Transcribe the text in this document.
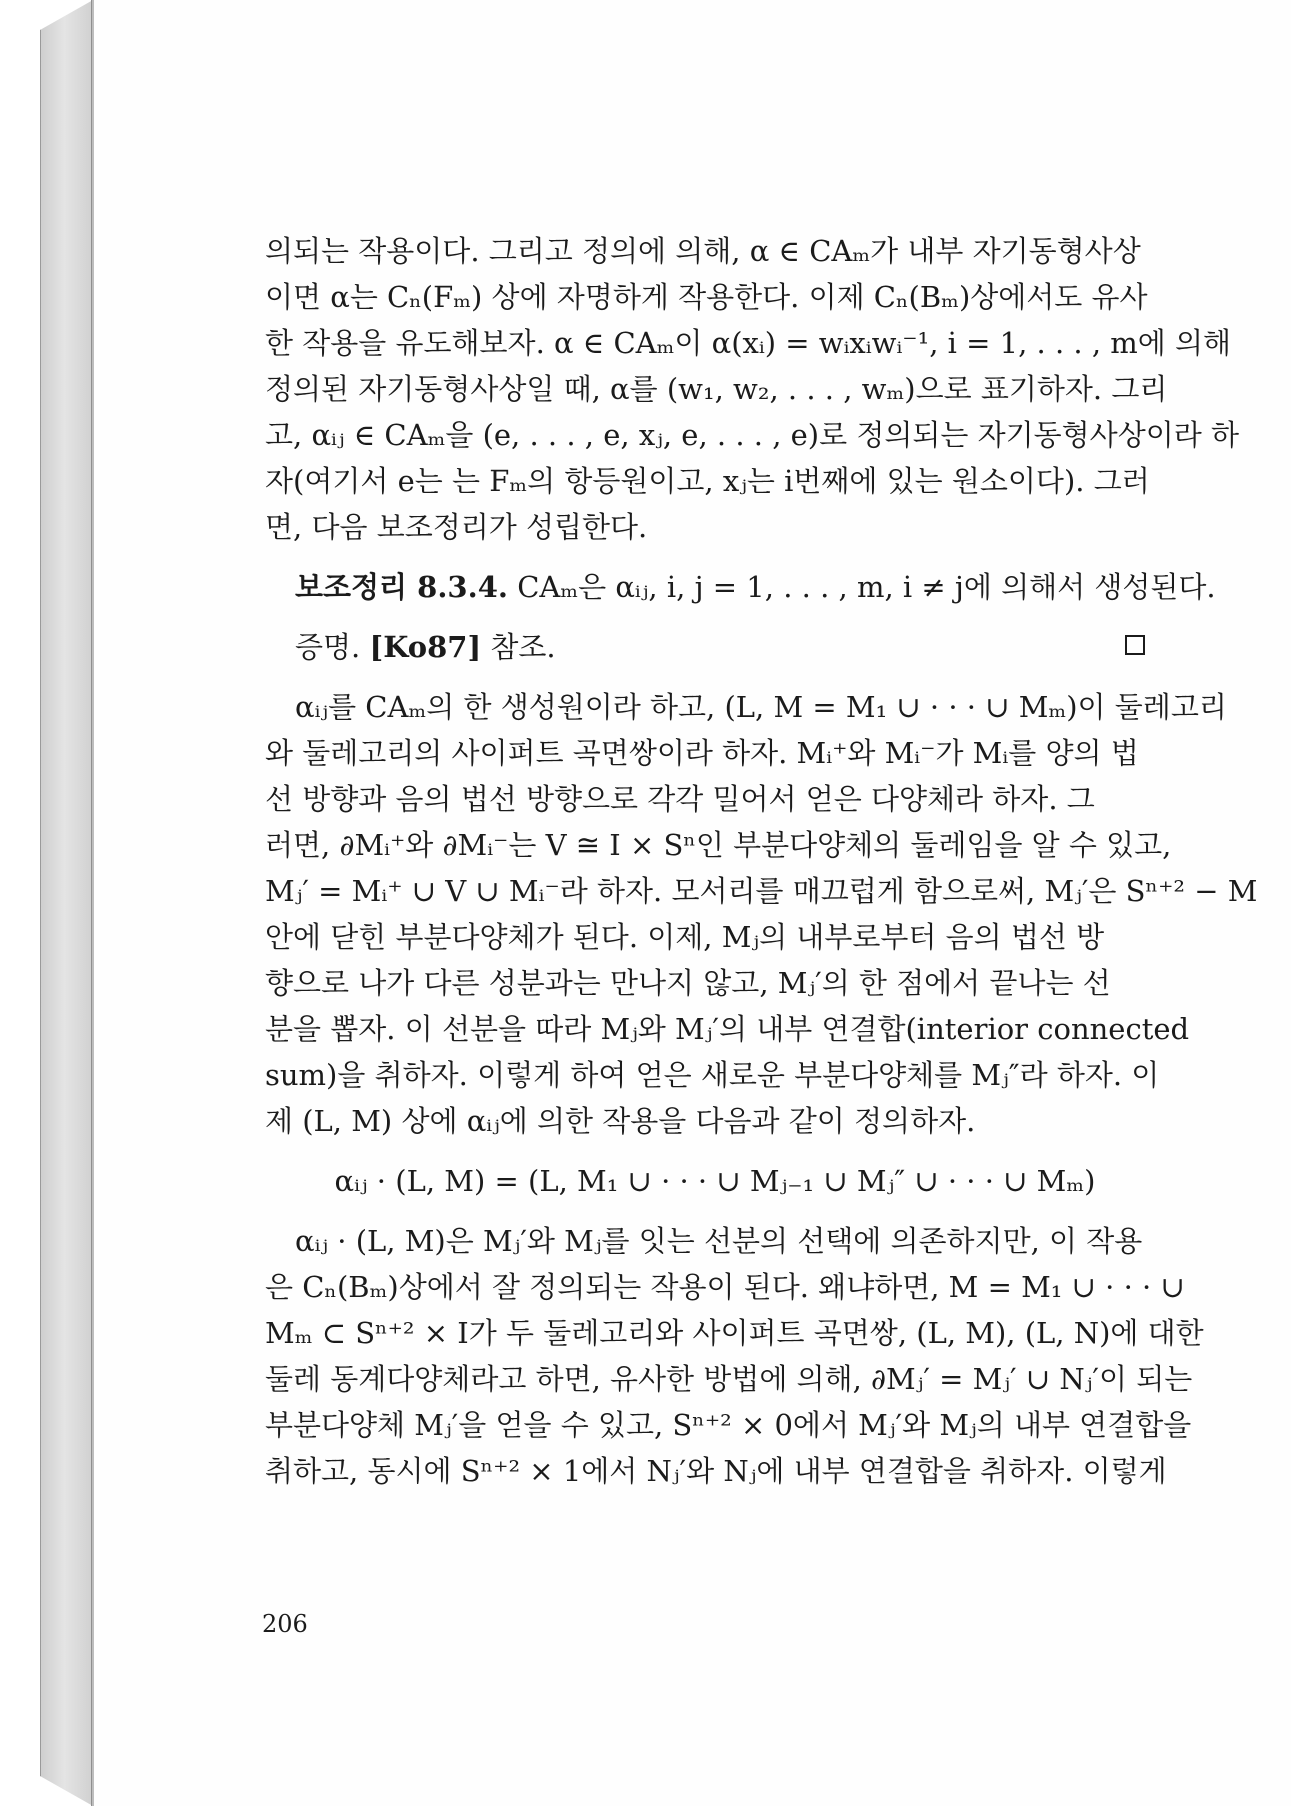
의되는 작용이다. 그리고 정의에 의해, α ∈ CAₘ가 내부 자기동형사상
이면 α는 Cₙ(Fₘ) 상에 자명하게 작용한다. 이제 Cₙ(Bₘ)상에서도 유사
한 작용을 유도해보자. α ∈ CAₘ이 α(xᵢ) = wᵢxᵢwᵢ⁻¹, i = 1, . . . , m에 의해
정의된 자기동형사상일 때, α를 (w₁, w₂, . . . , wₘ)으로 표기하자. 그리
고, αᵢⱼ ∈ CAₘ을 (e, . . . , e, xⱼ, e, . . . , e)로 정의되는 자기동형사상이라 하
자(여기서 e는 는 Fₘ의 항등원이고, xⱼ는 i번째에 있는 원소이다). 그러
면, 다음 보조정리가 성립한다.
보조정리 8.3.4. CAₘ은 αᵢⱼ, i, j = 1, . . . , m, i ≠ j에 의해서 생성된다.
증명. [Ko87] 참조.
αᵢⱼ를 CAₘ의 한 생성원이라 하고, (L, M = M₁ ∪ · · · ∪ Mₘ)이 둘레고리
와 둘레고리의 사이퍼트 곡면쌍이라 하자. Mᵢ⁺와 Mᵢ⁻가 Mᵢ를 양의 법
선 방향과 음의 법선 방향으로 각각 밀어서 얻은 다양체라 하자. 그
러면, ∂Mᵢ⁺와 ∂Mᵢ⁻는 V ≅ I × Sⁿ인 부분다양체의 둘레임을 알 수 있고,
Mⱼ′ = Mᵢ⁺ ∪ V ∪ Mᵢ⁻라 하자. 모서리를 매끄럽게 함으로써, Mⱼ′은 Sⁿ⁺² − M
안에 닫힌 부분다양체가 된다. 이제, Mⱼ의 내부로부터 음의 법선 방
향으로 나가 다른 성분과는 만나지 않고, Mⱼ′의 한 점에서 끝나는 선
분을 뽑자. 이 선분을 따라 Mⱼ와 Mⱼ′의 내부 연결합(interior connected
sum)을 취하자. 이렇게 하여 얻은 새로운 부분다양체를 Mⱼ″라 하자. 이
제 (L, M) 상에 αᵢⱼ에 의한 작용을 다음과 같이 정의하자.
αᵢⱼ · (L, M) = (L, M₁ ∪ · · · ∪ Mⱼ₋₁ ∪ Mⱼ″ ∪ · · · ∪ Mₘ)
αᵢⱼ · (L, M)은 Mⱼ′와 Mⱼ를 잇는 선분의 선택에 의존하지만, 이 작용
은 Cₙ(Bₘ)상에서 잘 정의되는 작용이 된다. 왜냐하면, M = M₁ ∪ · · · ∪
Mₘ ⊂ Sⁿ⁺² × I가 두 둘레고리와 사이퍼트 곡면쌍, (L, M), (L, N)에 대한
둘레 동계다양체라고 하면, 유사한 방법에 의해, ∂Mⱼ′ = Mⱼ′ ∪ Nⱼ′이 되는
부분다양체 Mⱼ′을 얻을 수 있고, Sⁿ⁺² × 0에서 Mⱼ′와 Mⱼ의 내부 연결합을
취하고, 동시에 Sⁿ⁺² × 1에서 Nⱼ′와 Nⱼ에 내부 연결합을 취하자. 이렇게
206
